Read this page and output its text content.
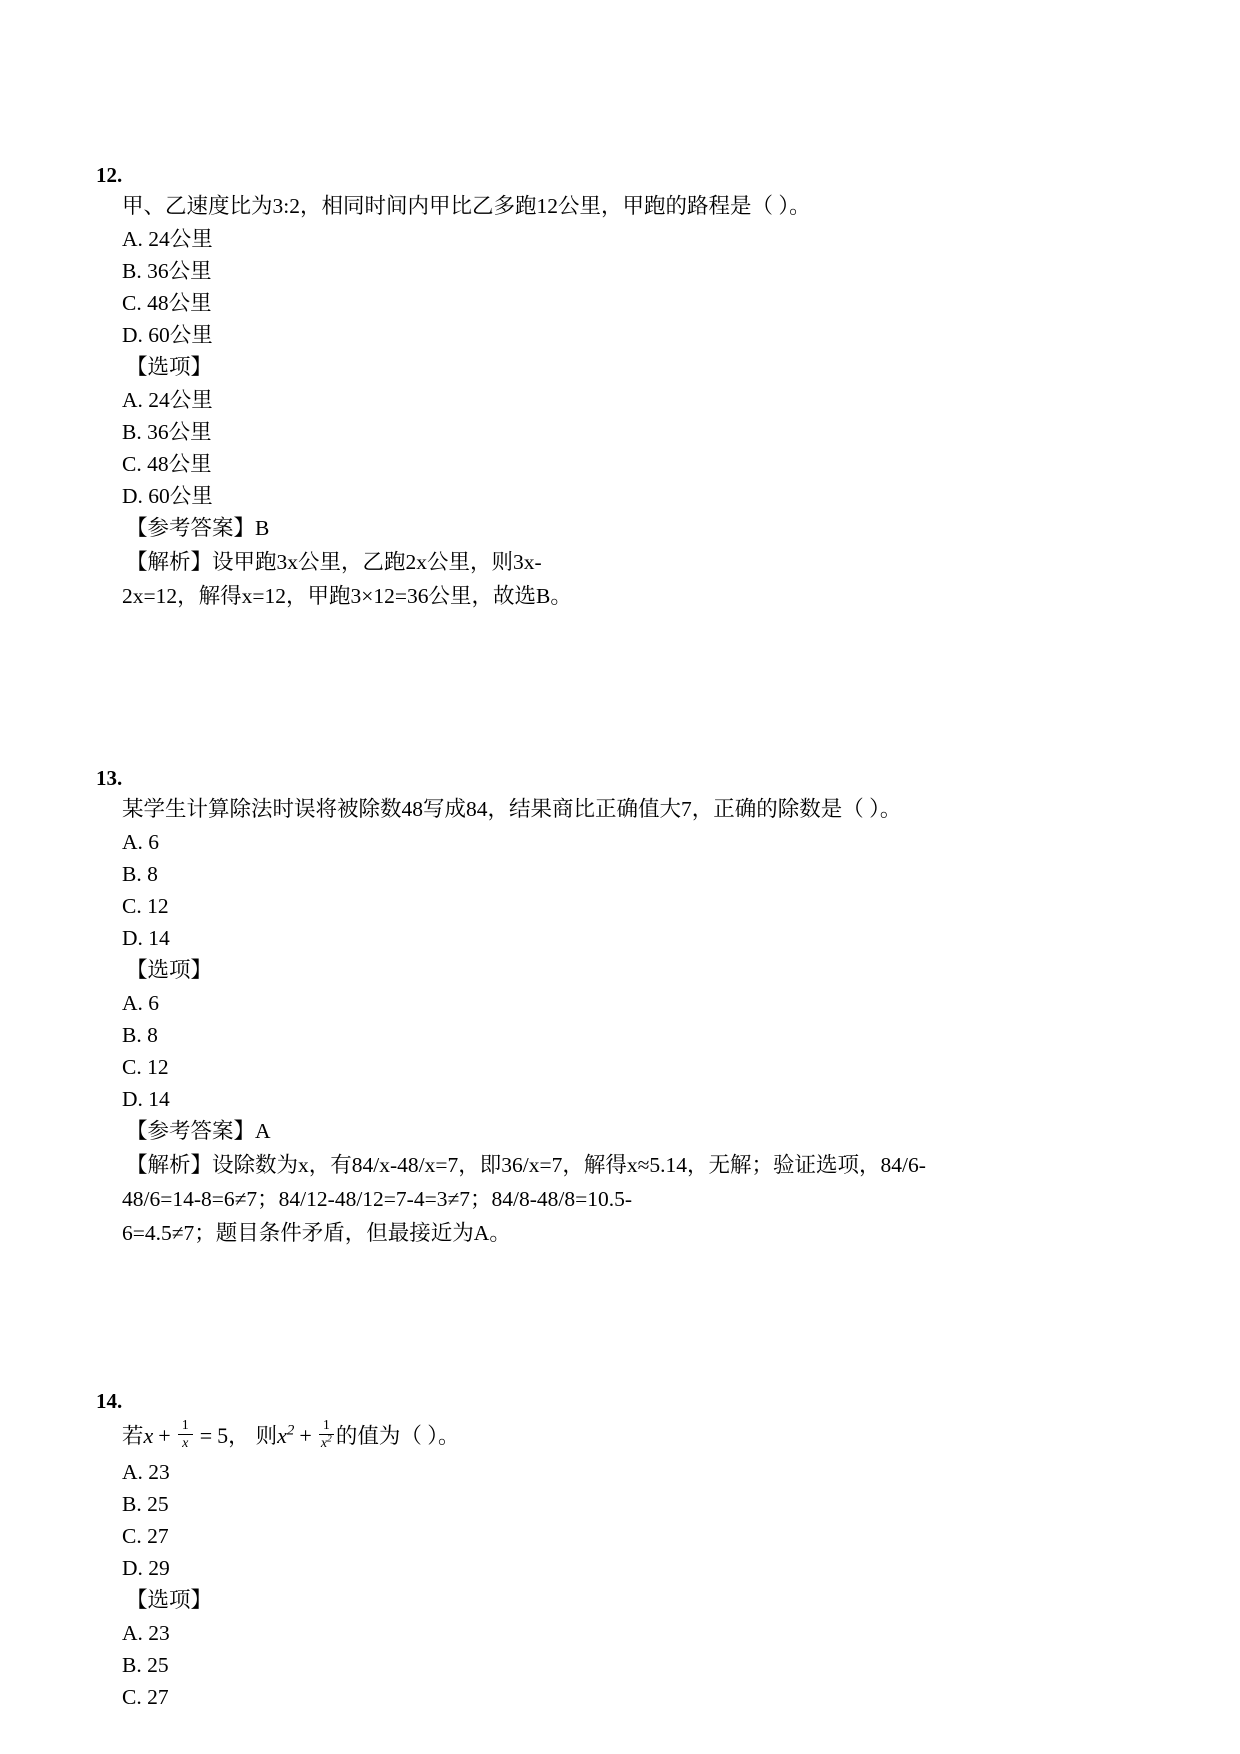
12.
甲、乙速度比为3:2，相同时间内甲比乙多跑12公里，甲跑的路程是（ ）。
A. 24公里
B. 36公里
C. 48公里
D. 60公里
【选项】
A. 24公里
B. 36公里
C. 48公里
D. 60公里
【参考答案】B
【解析】设甲跑3x公里，乙跑2x公里，则3x-
2x=12，解得x=12，甲跑3×12=36公里，故选B。
13.
某学生计算除法时误将被除数48写成84，结果商比正确值大7，正确的除数是（ ）。
A. 6
B. 8
C. 12
D. 14
【选项】
A. 6
B. 8
C. 12
D. 14
【参考答案】A
【解析】设除数为x，有84/x-48/x=7，即36/x=7，解得x≈5.14，无解；验证选项，84/6-
48/6=14-8=6≠7；84/12-48/12=7-4=3≠7；84/8-48/8=10.5-
6=4.5≠7；题目条件矛盾，但最接近为A。
14.
若 $x + \frac{1}{x} = 5$ ， 则 $x^2 + \frac{1}{x^2}$ 的值为（ ）。
A. 23
B. 25
C. 27
D. 29
【选项】
A. 23
B. 25
C. 27
